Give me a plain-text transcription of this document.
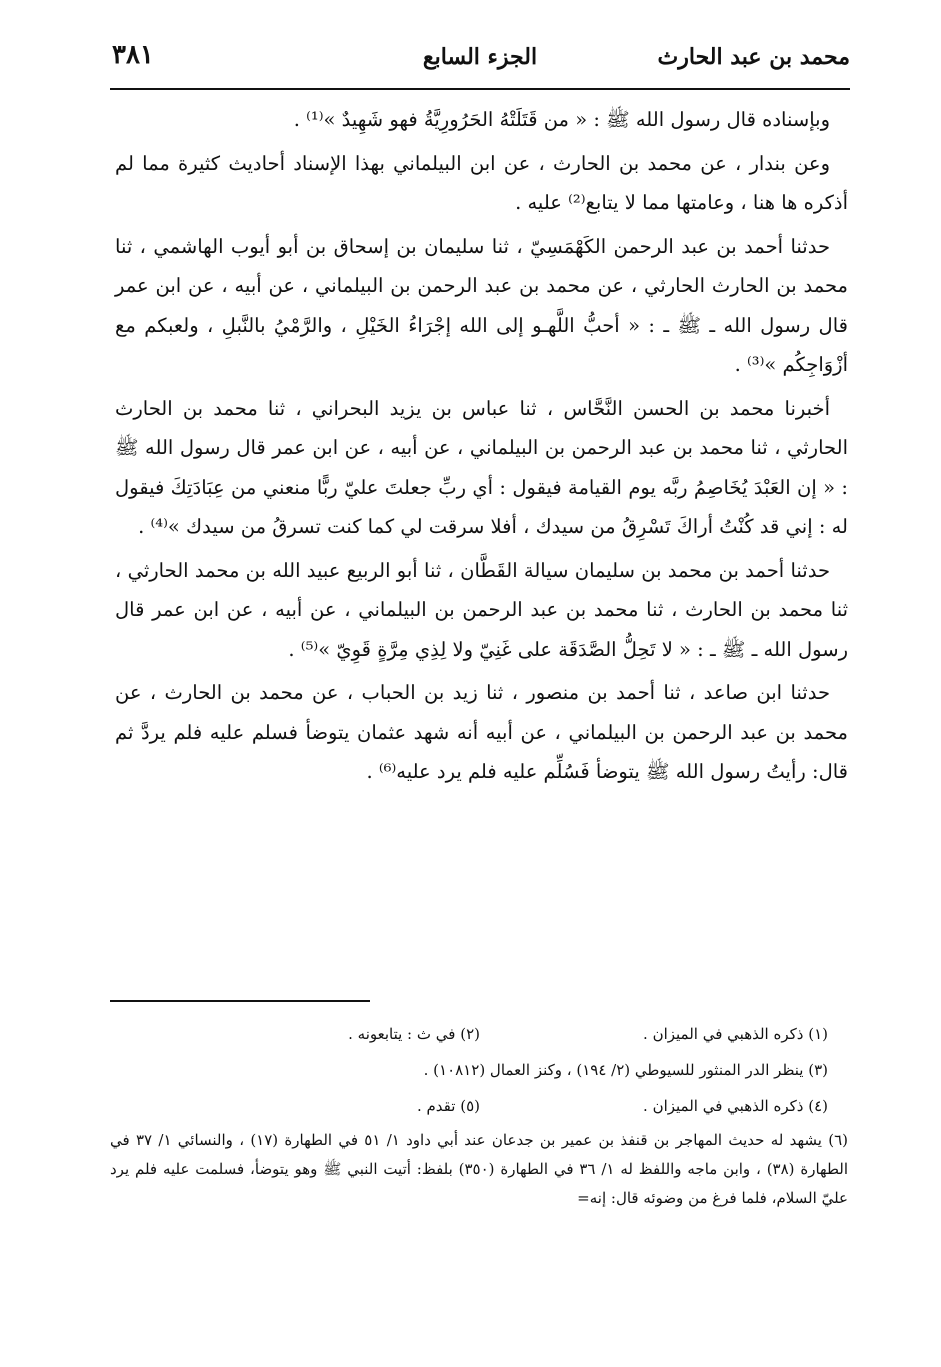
محمد بن عبد الحارث
الجزء السابع
٣٨١

وبإسناده قال رسول الله ﷺ : « من قَتَلَتْهُ الحَرُورِيَّةُ فهو شَهِيدٌ »⁽¹⁾ .

وعن بندار ، عن محمد بن الحارث ، عن ابن البيلماني بهذا الإسناد أحاديث كثيرة مما لم أذكره ها هنا ، وعامتها مما لا يتابع⁽²⁾ عليه .

حدثنا أحمد بن عبد الرحمن الكَهْمَسِيّ ، ثنا سليمان بن إسحاق بن أبو أيوب الهاشمي ، ثنا محمد بن الحارث الحارثي ، عن محمد بن عبد الرحمن بن البيلماني ، عن أبيه ، عن ابن عمر قال رسول الله ـ ﷺ ـ : « أحبُّ اللَّهـو إلى الله إجْرَاءُ الخَيْلِ ، والرَّمْيُ بالنَّبلِ ، ولعبكم مع أزْوَاجِكُم »⁽³⁾ .

أخبرنا محمد بن الحسن النَّحَّاس ، ثنا عباس بن يزيد البحراني ، ثنا محمد بن الحارث الحارثي ، ثنا محمد بن عبد الرحمن بن البيلماني ، عن أبيه ، عن ابن عمر قال رسول الله ﷺ : « إن العَبْدَ يُخَاصِمُ ربَّه يوم القيامة فيقول : أي ربِّ جعلتَ عليّ ربًّا منعني من عِبَادَتِكَ فيقول له : إني قد كُنْتُ أراكَ تَسْرِقُ من سيدك ، أفلا سرقت لي كما كنت تسرقُ من سيدك »⁽⁴⁾ .

حدثنا أحمد بن محمد بن سليمان سيالة القَطَّان ، ثنا أبو الربيع عبيد الله بن محمد الحارثي ، ثنا محمد بن الحارث ، ثنا محمد بن عبد الرحمن بن البيلماني ، عن أبيه ، عن ابن عمر قال رسول الله ـ ﷺ ـ : « لا تَحِلُّ الصَّدَقَة على غَنِيّ ولا لِذِي مِرَّةٍ قَوِيّ »⁽⁵⁾ .

حدثنا ابن صاعد ، ثنا أحمد بن منصور ، ثنا زيد بن الحباب ، عن محمد بن الحارث ، عن محمد بن عبد الرحمن بن البيلماني ، عن أبيه أنه شهد عثمان يتوضأ فسلم عليه فلم يردَّ ثم قال: رأيتُ رسول الله ﷺ يتوضأ فَسُلِّم عليه فلم يرد عليه⁽⁶⁾ .

(١) ذكره الذهبي في الميزان .
(٢) في ث : يتابعونه .
(٣) ينظر الدر المنثور للسيوطي (٢/ ١٩٤) ، وكنز العمال (١٠٨١٢) .
(٤) ذكره الذهبي في الميزان .
(٥) تقدم .
(٦) يشهد له حديث المهاجر بن قنفذ بن عمير بن جدعان عند أبي داود ١/ ٥١ في الطهارة (١٧) ، والنسائي ١/ ٣٧ في الطهارة (٣٨) ، وابن ماجه واللفظ له ١/ ٣٦ في الطهارة (٣٥٠) بلفظ: أتيت النبي ﷺ وهو يتوضأ، فسلمت عليه فلم يرد عليّ السلام، فلما فرغ من وضوئه قال: إنه=
